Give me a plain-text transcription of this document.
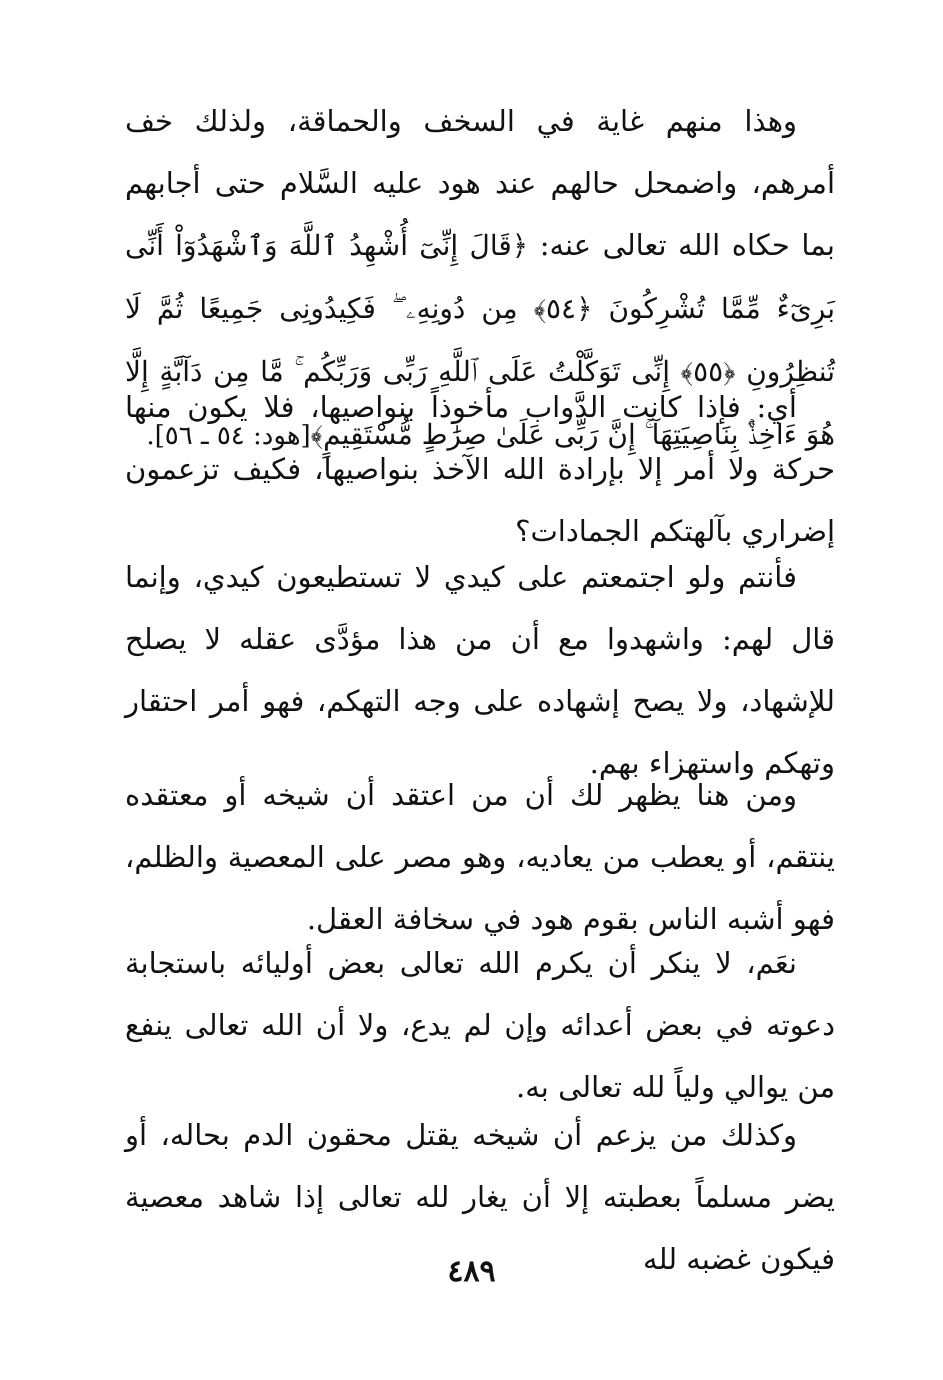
وهذا منهم غاية في السخف والحماقة، ولذلك خف أمرهم، واضمحل حالهم عند هود عليه السَّلام حتى أجابهم بما حكاه الله تعالى عنه: ﴿قَالَ إِنِّىٓ أُشْهِدُ ٱللَّهَ وَٱشْهَدُوٓاْ أَنِّى بَرِىٓءٌ مِّمَّا تُشْرِكُونَ ﴿٥٤﴾ مِن دُونِهِۦ ۖ فَكِيدُونِى جَمِيعًا ثُمَّ لَا تُنظِرُونِ ﴿٥٥﴾ إِنِّى تَوَكَّلْتُ عَلَى ٱللَّهِ رَبِّى وَرَبِّكُم ۚ مَّا مِن دَآبَّةٍ إِلَّا هُوَ ءَاخِذٌۢ بِنَاصِيَتِهَآ ۚ إِنَّ رَبِّى عَلَىٰ صِرَٰطٍ مُّسْتَقِيمٍ﴾[هود: ٥٤ ـ ٥٦].

أي: فإذا كانت الدَّواب مأخوذاً بنواصيها، فلا يكون منها حركة ولا أمر إلا بإرادة الله الآخذ بنواصيها، فكيف تزعمون إضراري بآلهتكم الجمادات؟

فأنتم ولو اجتمعتم على كيدي لا تستطيعون كيدي، وإنما قال لهم: واشهدوا مع أن من هذا مؤدَّى عقله لا يصلح للإشهاد، ولا يصح إشهاده على وجه التهكم، فهو أمر احتقار وتهكم واستهزاء بهم.

ومن هنا يظهر لك أن من اعتقد أن شيخه أو معتقده ينتقم، أو يعطب من يعاديه، وهو مصر على المعصية والظلم، فهو أشبه الناس بقوم هود في سخافة العقل.

نعَم، لا ينكر أن يكرم الله تعالى بعض أوليائه باستجابة دعوته في بعض أعدائه وإن لم يدع، ولا أن الله تعالى ينفع من يوالي ولياً لله تعالى به.

وكذلك من يزعم أن شيخه يقتل محقون الدم بحاله، أو يضر مسلماً بعطبته إلا أن يغار لله تعالى إذا شاهد معصية فيكون غضبه لله

٤٨٩
